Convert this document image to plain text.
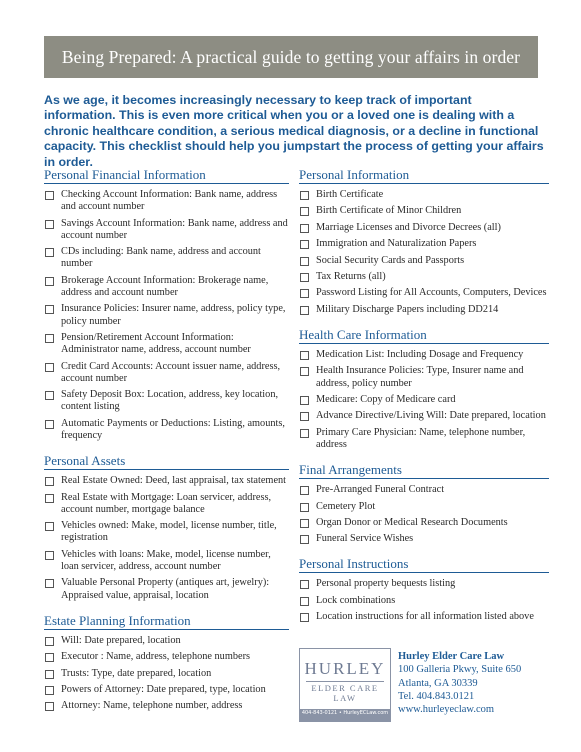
Being Prepared: A practical guide to getting your affairs in order
As we age, it becomes increasingly necessary to keep track of important information. This is even more critical when you or a loved one is dealing with a chronic healthcare condition, a serious medical diagnosis, or a decline in functional capacity. This checklist should help you jumpstart the process of getting your affairs in order.
Personal Financial Information
Checking Account Information: Bank name, address and account number
Savings Account Information: Bank name, address and account number
CDs including: Bank name, address and account number
Brokerage Account Information: Brokerage name, address and account number
Insurance Policies: Insurer name, address, policy type, policy number
Pension/Retirement Account Information: Administrator name, address, account number
Credit Card Accounts: Account issuer name, address, account number
Safety Deposit Box: Location, address, key location, content listing
Automatic Payments or Deductions: Listing, amounts, frequency
Personal Assets
Real Estate Owned: Deed, last appraisal, tax statement
Real Estate with Mortgage: Loan servicer, address, account number, mortgage balance
Vehicles owned: Make, model, license number, title, registration
Vehicles with loans: Make, model, license number, loan servicer, address, account number
Valuable Personal Property (antiques art, jewelry): Appraised value, appraisal, location
Estate Planning Information
Will: Date prepared, location
Executor : Name, address, telephone numbers
Trusts: Type, date prepared, location
Powers of Attorney: Date prepared, type, location
Attorney: Name, telephone number, address
Personal Information
Birth Certificate
Birth Certificate of Minor Children
Marriage Licenses and Divorce Decrees (all)
Immigration and Naturalization Papers
Social Security Cards and Passports
Tax Returns (all)
Password Listing for All Accounts, Computers, Devices
Military Discharge Papers including DD214
Health Care Information
Medication List: Including Dosage and Frequency
Health Insurance Policies: Type, Insurer name and address, policy number
Medicare: Copy of Medicare card
Advance Directive/Living Will: Date prepared, location
Primary Care Physician: Name, telephone number, address
Final Arrangements
Pre-Arranged Funeral Contract
Cemetery Plot
Organ Donor or Medical Research Documents
Funeral Service Wishes
Personal Instructions
Personal property bequests listing
Lock combinations
Location instructions for all information listed above
HURLEY
ELDER CARE
LAW
404-843-0121 • HurleyECLaw.com
Hurley Elder Care Law
100 Galleria Pkwy, Suite 650
Atlanta, GA 30339
Tel. 404.843.0121
www.hurleyeclaw.com
